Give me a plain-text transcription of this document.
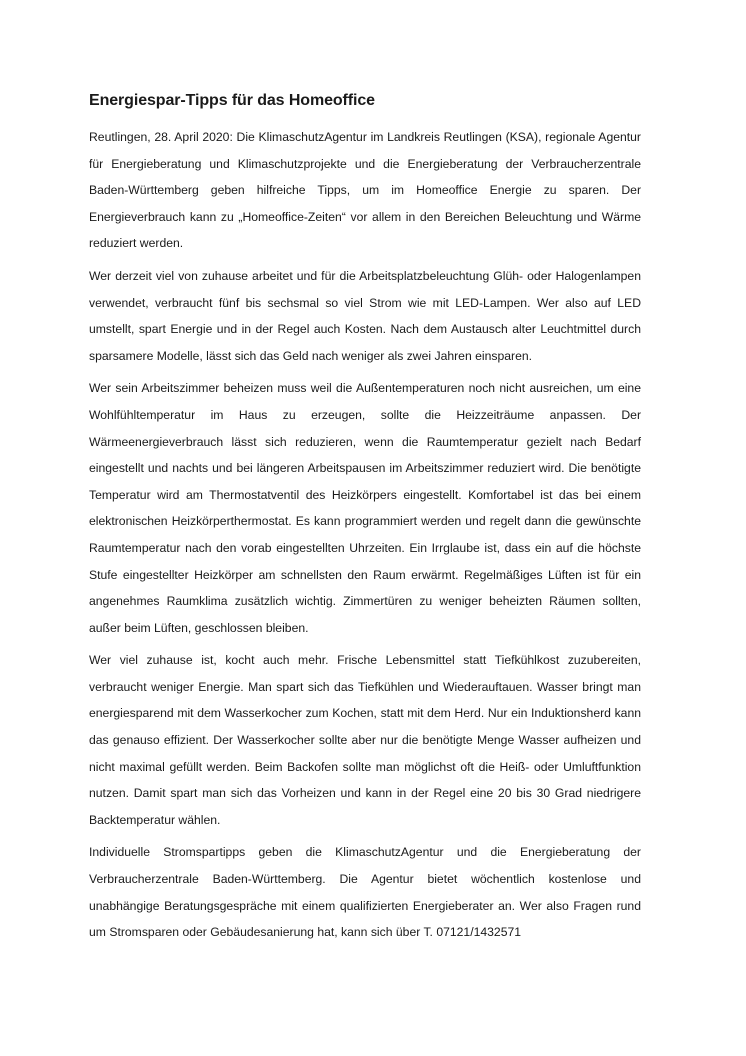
Energiespar-Tipps für das Homeoffice

Reutlingen, 28. April 2020: Die KlimaschutzAgentur im Landkreis Reutlingen (KSA), regionale Agentur für Energieberatung und Klimaschutzprojekte und die Energieberatung der Verbraucherzentrale Baden-Württemberg geben hilfreiche Tipps, um im Homeoffice Energie zu sparen. Der Energieverbrauch kann zu „Homeoffice-Zeiten“ vor allem in den Bereichen Beleuchtung und Wärme reduziert werden.

Wer derzeit viel von zuhause arbeitet und für die Arbeitsplatzbeleuchtung Glüh- oder Halogenlampen verwendet, verbraucht fünf bis sechsmal so viel Strom wie mit LED-Lampen. Wer also auf LED umstellt, spart Energie und in der Regel auch Kosten. Nach dem Austausch alter Leuchtmittel durch sparsamere Modelle, lässt sich das Geld nach weniger als zwei Jahren einsparen.

Wer sein Arbeitszimmer beheizen muss weil die Außentemperaturen noch nicht ausreichen, um eine Wohlfühltemperatur im Haus zu erzeugen, sollte die Heizzeiträume anpassen. Der Wärmeenergieverbrauch lässt sich reduzieren, wenn die Raumtemperatur gezielt nach Bedarf eingestellt und nachts und bei längeren Arbeitspausen im Arbeitszimmer reduziert wird. Die benötigte Temperatur wird am Thermostatventil des Heizkörpers eingestellt. Komfortabel ist das bei einem elektronischen Heizkörperthermostat. Es kann programmiert werden und regelt dann die gewünschte Raumtemperatur nach den vorab eingestellten Uhrzeiten. Ein Irrglaube ist, dass ein auf die höchste Stufe eingestellter Heizkörper am schnellsten den Raum erwärmt. Regelmäßiges Lüften ist für ein angenehmes Raumklima zusätzlich wichtig. Zimmertüren zu weniger beheizten Räumen sollten, außer beim Lüften, geschlossen bleiben.

Wer viel zuhause ist, kocht auch mehr. Frische Lebensmittel statt Tiefkühlkost zuzubereiten, verbraucht weniger Energie. Man spart sich das Tiefkühlen und Wiederauftauen. Wasser bringt man energiesparend mit dem Wasserkocher zum Kochen, statt mit dem Herd. Nur ein Induktionsherd kann das genauso effizient. Der Wasserkocher sollte aber nur die benötigte Menge Wasser aufheizen und nicht maximal gefüllt werden. Beim Backofen sollte man möglichst oft die Heiß- oder Umluftfunktion nutzen. Damit spart man sich das Vorheizen und kann in der Regel eine 20 bis 30 Grad niedrigere Backtemperatur wählen.

Individuelle Stromspartipps geben die KlimaschutzAgentur und die Energieberatung der Verbraucherzentrale Baden-Württemberg. Die Agentur bietet wöchentlich kostenlose und unabhängige Beratungsgespräche mit einem qualifizierten Energieberater an. Wer also Fragen rund um Stromsparen oder Gebäudesanierung hat, kann sich über T. 07121/1432571
